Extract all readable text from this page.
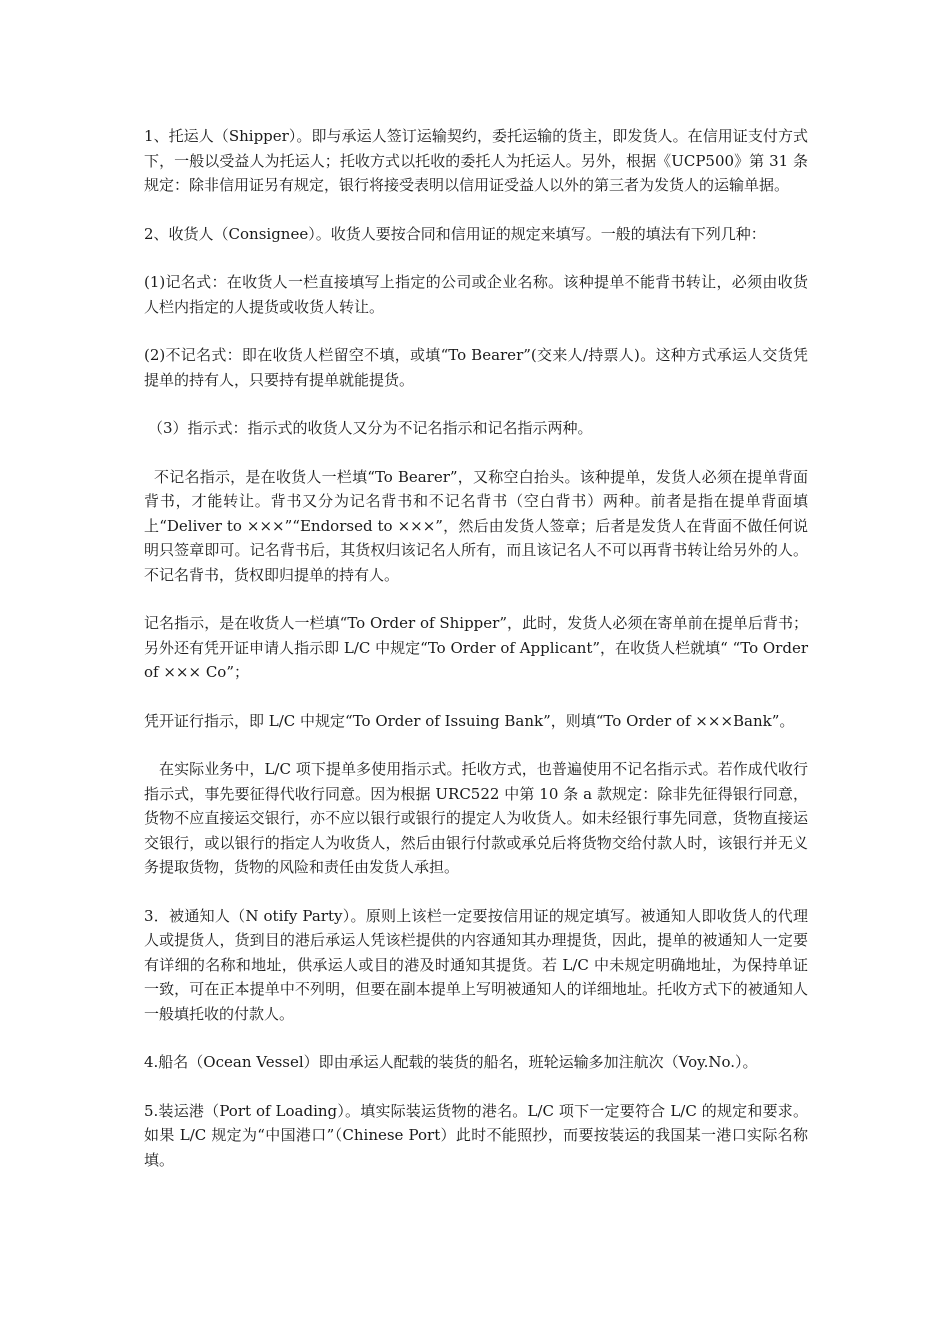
1、托运人（Shipper）。即与承运人签订运输契约，委托运输的货主，即发货人。在信用证支付方式下，一般以受益人为托运人；托收方式以托收的委托人为托运人。另外，根据《UCP500》第 31 条规定：除非信用证另有规定，银行将接受表明以信用证受益人以外的第三者为发货人的运输单据。

2、收货人（Consignee）。收货人要按合同和信用证的规定来填写。一般的填法有下列几种：

(1)记名式：在收货人一栏直接填写上指定的公司或企业名称。该种提单不能背书转让，必须由收货人栏内指定的人提货或收货人转让。

(2)不记名式：即在收货人栏留空不填，或填“To Bearer”(交来人/持票人)。这种方式承运人交货凭提单的持有人，只要持有提单就能提货。

（3）指示式：指示式的收货人又分为不记名指示和记名指示两种。

不记名指示，是在收货人一栏填“To Bearer”，又称空白抬头。该种提单，发货人必须在提单背面背书，才能转让。背书又分为记名背书和不记名背书（空白背书）两种。前者是指在提单背面填上“Deliver to ×××”“Endorsed to ×××”，然后由发货人签章；后者是发货人在背面不做任何说明只签章即可。记名背书后，其货权归该记名人所有，而且该记名人不可以再背书转让给另外的人。不记名背书，货权即归提单的持有人。

记名指示，是在收货人一栏填“To Order of Shipper”，此时，发货人必须在寄单前在提单后背书；另外还有凭开证申请人指示即 L/C 中规定“To Order of Applicant”，在收货人栏就填“ “To Order of ××× Co”；

凭开证行指示，即 L/C 中规定“To Order of Issuing Bank”，则填“To Order of ×××Bank”。

在实际业务中，L/C 项下提单多使用指示式。托收方式，也普遍使用不记名指示式。若作成代收行指示式，事先要征得代收行同意。因为根据 URC522 中第 10 条 a 款规定：除非先征得银行同意，货物不应直接运交银行，亦不应以银行或银行的提定人为收货人。如未经银行事先同意，货物直接运交银行，或以银行的指定人为收货人，然后由银行付款或承兑后将货物交给付款人时，该银行并无义务提取货物，货物的风险和责任由发货人承担。

3．被通知人（N otify Party）。原则上该栏一定要按信用证的规定填写。被通知人即收货人的代理人或提货人，货到目的港后承运人凭该栏提供的内容通知其办理提货，因此，提单的被通知人一定要有详细的名称和地址，供承运人或目的港及时通知其提货。若 L/C 中未规定明确地址，为保持单证一致，可在正本提单中不列明，但要在副本提单上写明被通知人的详细地址。托收方式下的被通知人一般填托收的付款人。

4.船名（Ocean Vessel）即由承运人配载的装货的船名，班轮运输多加注航次（Voy.No.）。

5.装运港（Port of Loading）。填实际装运货物的港名。L/C 项下一定要符合 L/C 的规定和要求。如果 L/C 规定为“中国港口”（Chinese Port）此时不能照抄，而要按装运的我国某一港口实际名称填。
